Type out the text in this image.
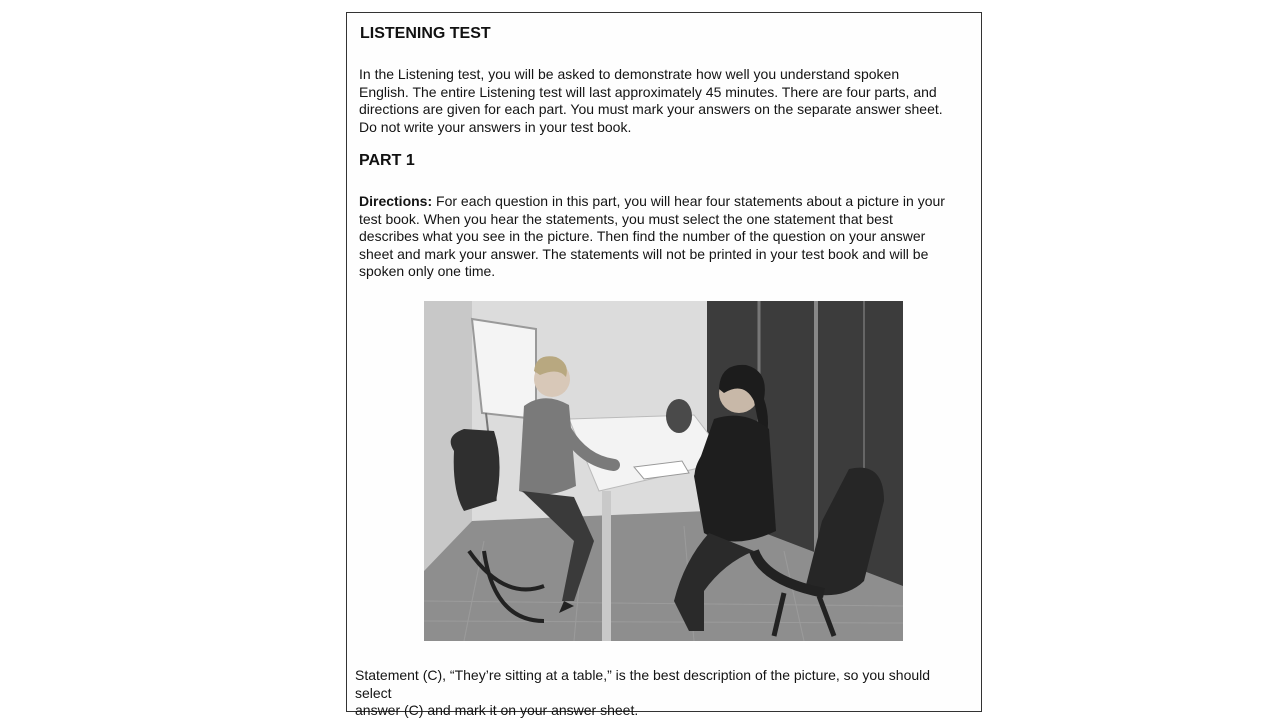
LISTENING TEST
In the Listening test, you will be asked to demonstrate how well you understand spoken
English. The entire Listening test will last approximately 45 minutes. There are four parts, and
directions are given for each part. You must mark your answers on the separate answer sheet.
Do not write your answers in your test book.
PART 1
Directions: For each question in this part, you will hear four statements about a picture in your
test book. When you hear the statements, you must select the one statement that best
describes what you see in the picture. Then find the number of the question on your answer
sheet and mark your answer. The statements will not be printed in your test book and will be
spoken only one time.
Statement (C), “They’re sitting at a table,” is the best description of the picture, so you should select
answer (C) and mark it on your answer sheet.
